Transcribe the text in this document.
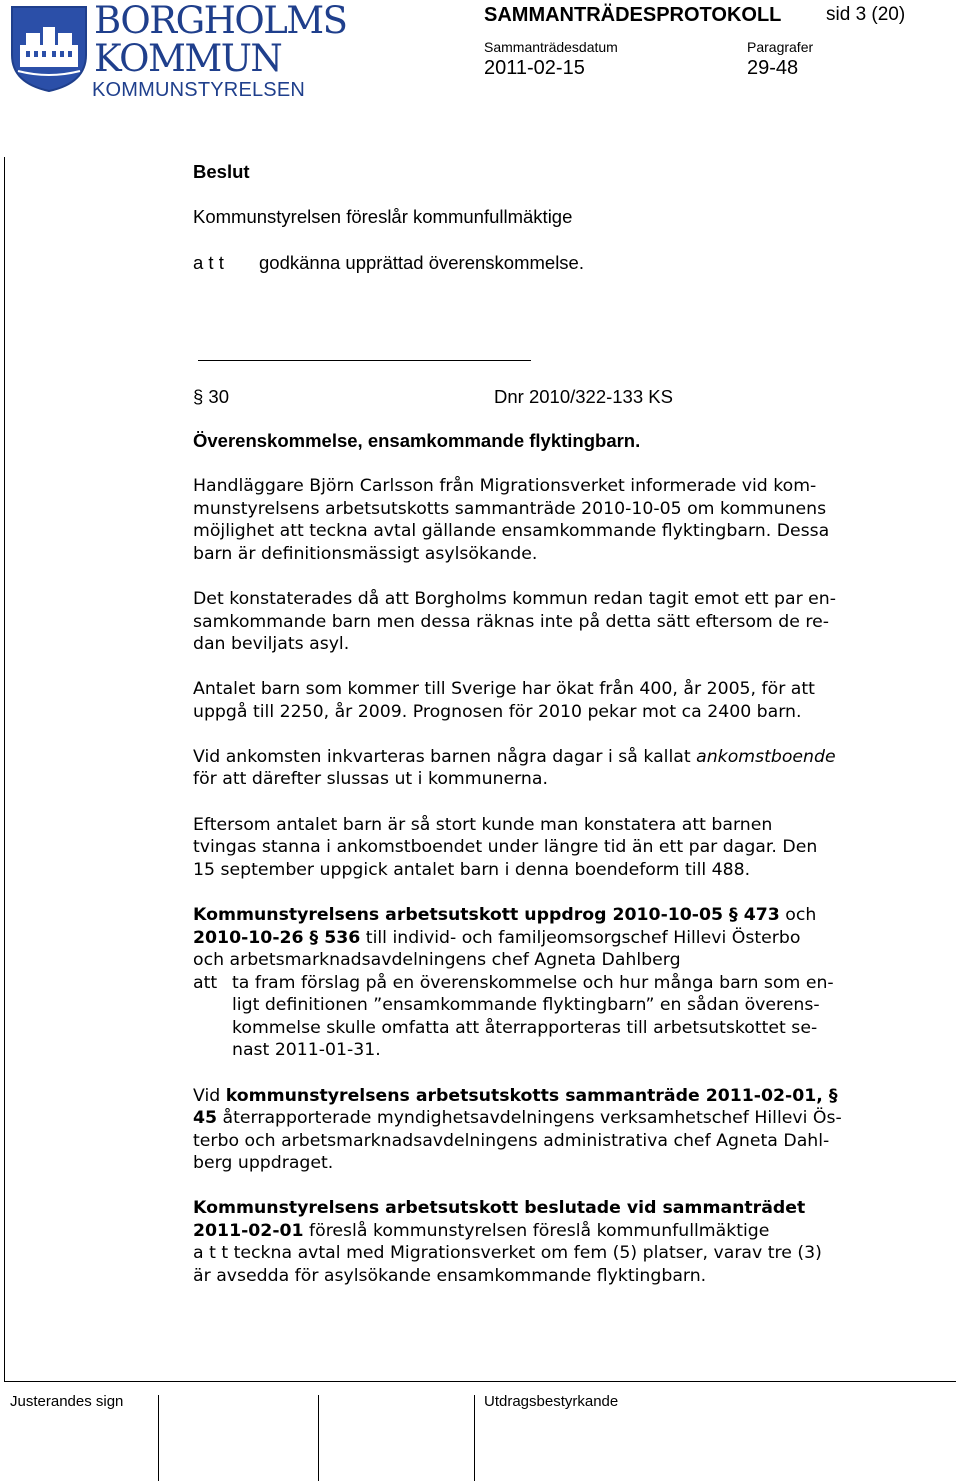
BORGHOLMS
KOMMUN
KOMMUNSTYRELSEN
SAMMANTRÄDESPROTOKOLL sid 3 (20)
Sammanträdesdatum	Paragrafer
2011-02-15	29-48
Beslut
Kommunstyrelsen föreslår kommunfullmäktige
a t t godkänna upprättad överenskommelse.
§ 30	Dnr 2010/322-133 KS
Överenskommelse, ensamkommande flyktingbarn.
Handläggare Björn Carlsson från Migrationsverket informerade vid kom-
munstyrelsens arbetsutskotts sammanträde 2010-10-05 om kommunens
möjlighet att teckna avtal gällande ensamkommande flyktingbarn. Dessa
barn är definitionsmässigt asylsökande.
Det konstaterades då att Borgholms kommun redan tagit emot ett par en-
samkommande barn men dessa räknas inte på detta sätt eftersom de re-
dan beviljats asyl.
Antalet barn som kommer till Sverige har ökat från 400, år 2005, för att
uppgå till 2250, år 2009. Prognosen för 2010 pekar mot ca 2400 barn.
Vid ankomsten inkvarteras barnen några dagar i så kallat ankomstboende
för att därefter slussas ut i kommunerna.
Eftersom antalet barn är så stort kunde man konstatera att barnen
tvingas stanna i ankomstboendet under längre tid än ett par dagar. Den
15 september uppgick antalet barn i denna boendeform till 488.
Kommunstyrelsens arbetsutskott uppdrog 2010-10-05 § 473 och
2010-10-26 § 536 till individ- och familjeomsorgschef Hillevi Österbo
och arbetsmarknadsavdelningens chef Agneta Dahlberg
att ta fram förslag på en överenskommelse och hur många barn som en-
ligt definitionen ”ensamkommande flyktingbarn” en sådan överens-
kommelse skulle omfatta att återrapporteras till arbetsutskottet se-
nast 2011-01-31.
Vid kommunstyrelsens arbetsutskotts sammanträde 2011-02-01, §
45 återrapporterade myndighetsavdelningens verksamhetschef Hillevi Ös-
terbo och arbetsmarknadsavdelningens administrativa chef Agneta Dahl-
berg uppdraget.
Kommunstyrelsens arbetsutskott beslutade vid sammanträdet
2011-02-01 föreslå kommunstyrelsen föreslå kommunfullmäktige
a t t teckna avtal med Migrationsverket om fem (5) platser, varav tre (3)
är avsedda för asylsökande ensamkommande flyktingbarn.
Justerandes sign	Utdragsbestyrkande
